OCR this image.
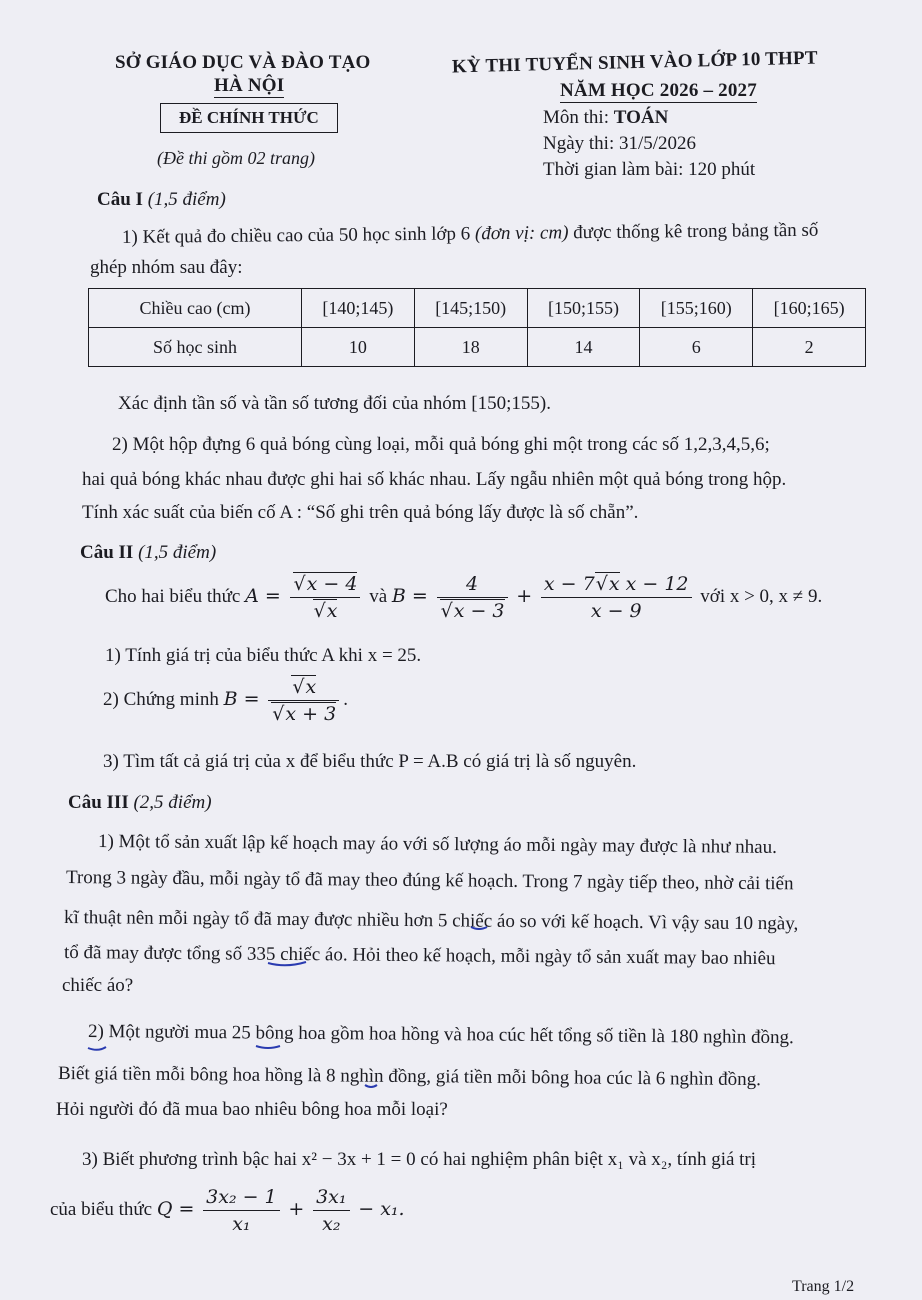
SỞ GIÁO DỤC VÀ ĐÀO TẠO
HÀ NỘI
ĐỀ CHÍNH THỨC
(Đề thi gồm 02 trang)
KỲ THI TUYỂN SINH VÀO LỚP 10 THPT
NĂM HỌC 2026 – 2027
Môn thi: TOÁN
Ngày thi: 31/5/2026
Thời gian làm bài: 120 phút
Câu I (1,5 điểm)
1) Kết quả đo chiều cao của 50 học sinh lớp 6 (đơn vị: cm) được thống kê trong bảng tần số
ghép nhóm sau đây:
Chiều cao (cm)	[140;145)	[145;150)	[150;155)	[155;160)	[160;165)
Số học sinh	10	18	14	6	2
Xác định tần số và tần số tương đối của nhóm [150;155).
2) Một hộp đựng 6 quả bóng cùng loại, mỗi quả bóng ghi một trong các số 1,2,3,4,5,6;
hai quả bóng khác nhau được ghi hai số khác nhau. Lấy ngẫu nhiên một quả bóng trong hộp.
Tính xác suất của biến cố A : “Số ghi trên quả bóng lấy được là số chẵn”.
Câu II (1,5 điểm)
Cho hai biểu thức A = √ x − 4
√ x và B = 4
√ $x - 3 + \frac{\text{x − 7 √ x x − 12}}{x - 9}$ với x > 0, x ≠ 9.
1) Tính giá trị của biểu thức A khi x = 25.
2) Chứng minh B = √ x
√ x + 3 .
3) Tìm tất cả giá trị của x để biểu thức P = A.B có giá trị là số nguyên.
Câu III (2,5 điểm)
1) Một tổ sản xuất lập kế hoạch may áo với số lượng áo mỗi ngày may được là như nhau.
Trong 3 ngày đầu, mỗi ngày tổ đã may theo đúng kế hoạch. Trong 7 ngày tiếp theo, nhờ cải tiến
kĩ thuật nên mỗi ngày tổ đã may được nhiều hơn 5 chiếc áo so với kế hoạch. Vì vậy sau 10 ngày,
tổ đã may được tổng số 335 chiếc áo. Hỏi theo kế hoạch, mỗi ngày tổ sản xuất may bao nhiêu
chiếc áo?
2) Một người mua 25 bông hoa gồm hoa hồng và hoa cúc hết tổng số tiền là 180 nghìn đồng.
Biết giá tiền mỗi bông hoa hồng là 8 nghìn đồng, giá tiền mỗi bông hoa cúc là 6 nghìn đồng.
Hỏi người đó đã mua bao nhiêu bông hoa mỗi loại?
3) Biết phương trình bậc hai x² − 3x + 1 = 0 có hai nghiệm phân biệt x₁ và x₂, tính giá trị
của biểu thức $Q = \frac{\text{3x₂ − 1}}{\text{x₁}} + \frac{\text{3x₁}}{\text{x₂}} - x_1$.
Trang 1/2
